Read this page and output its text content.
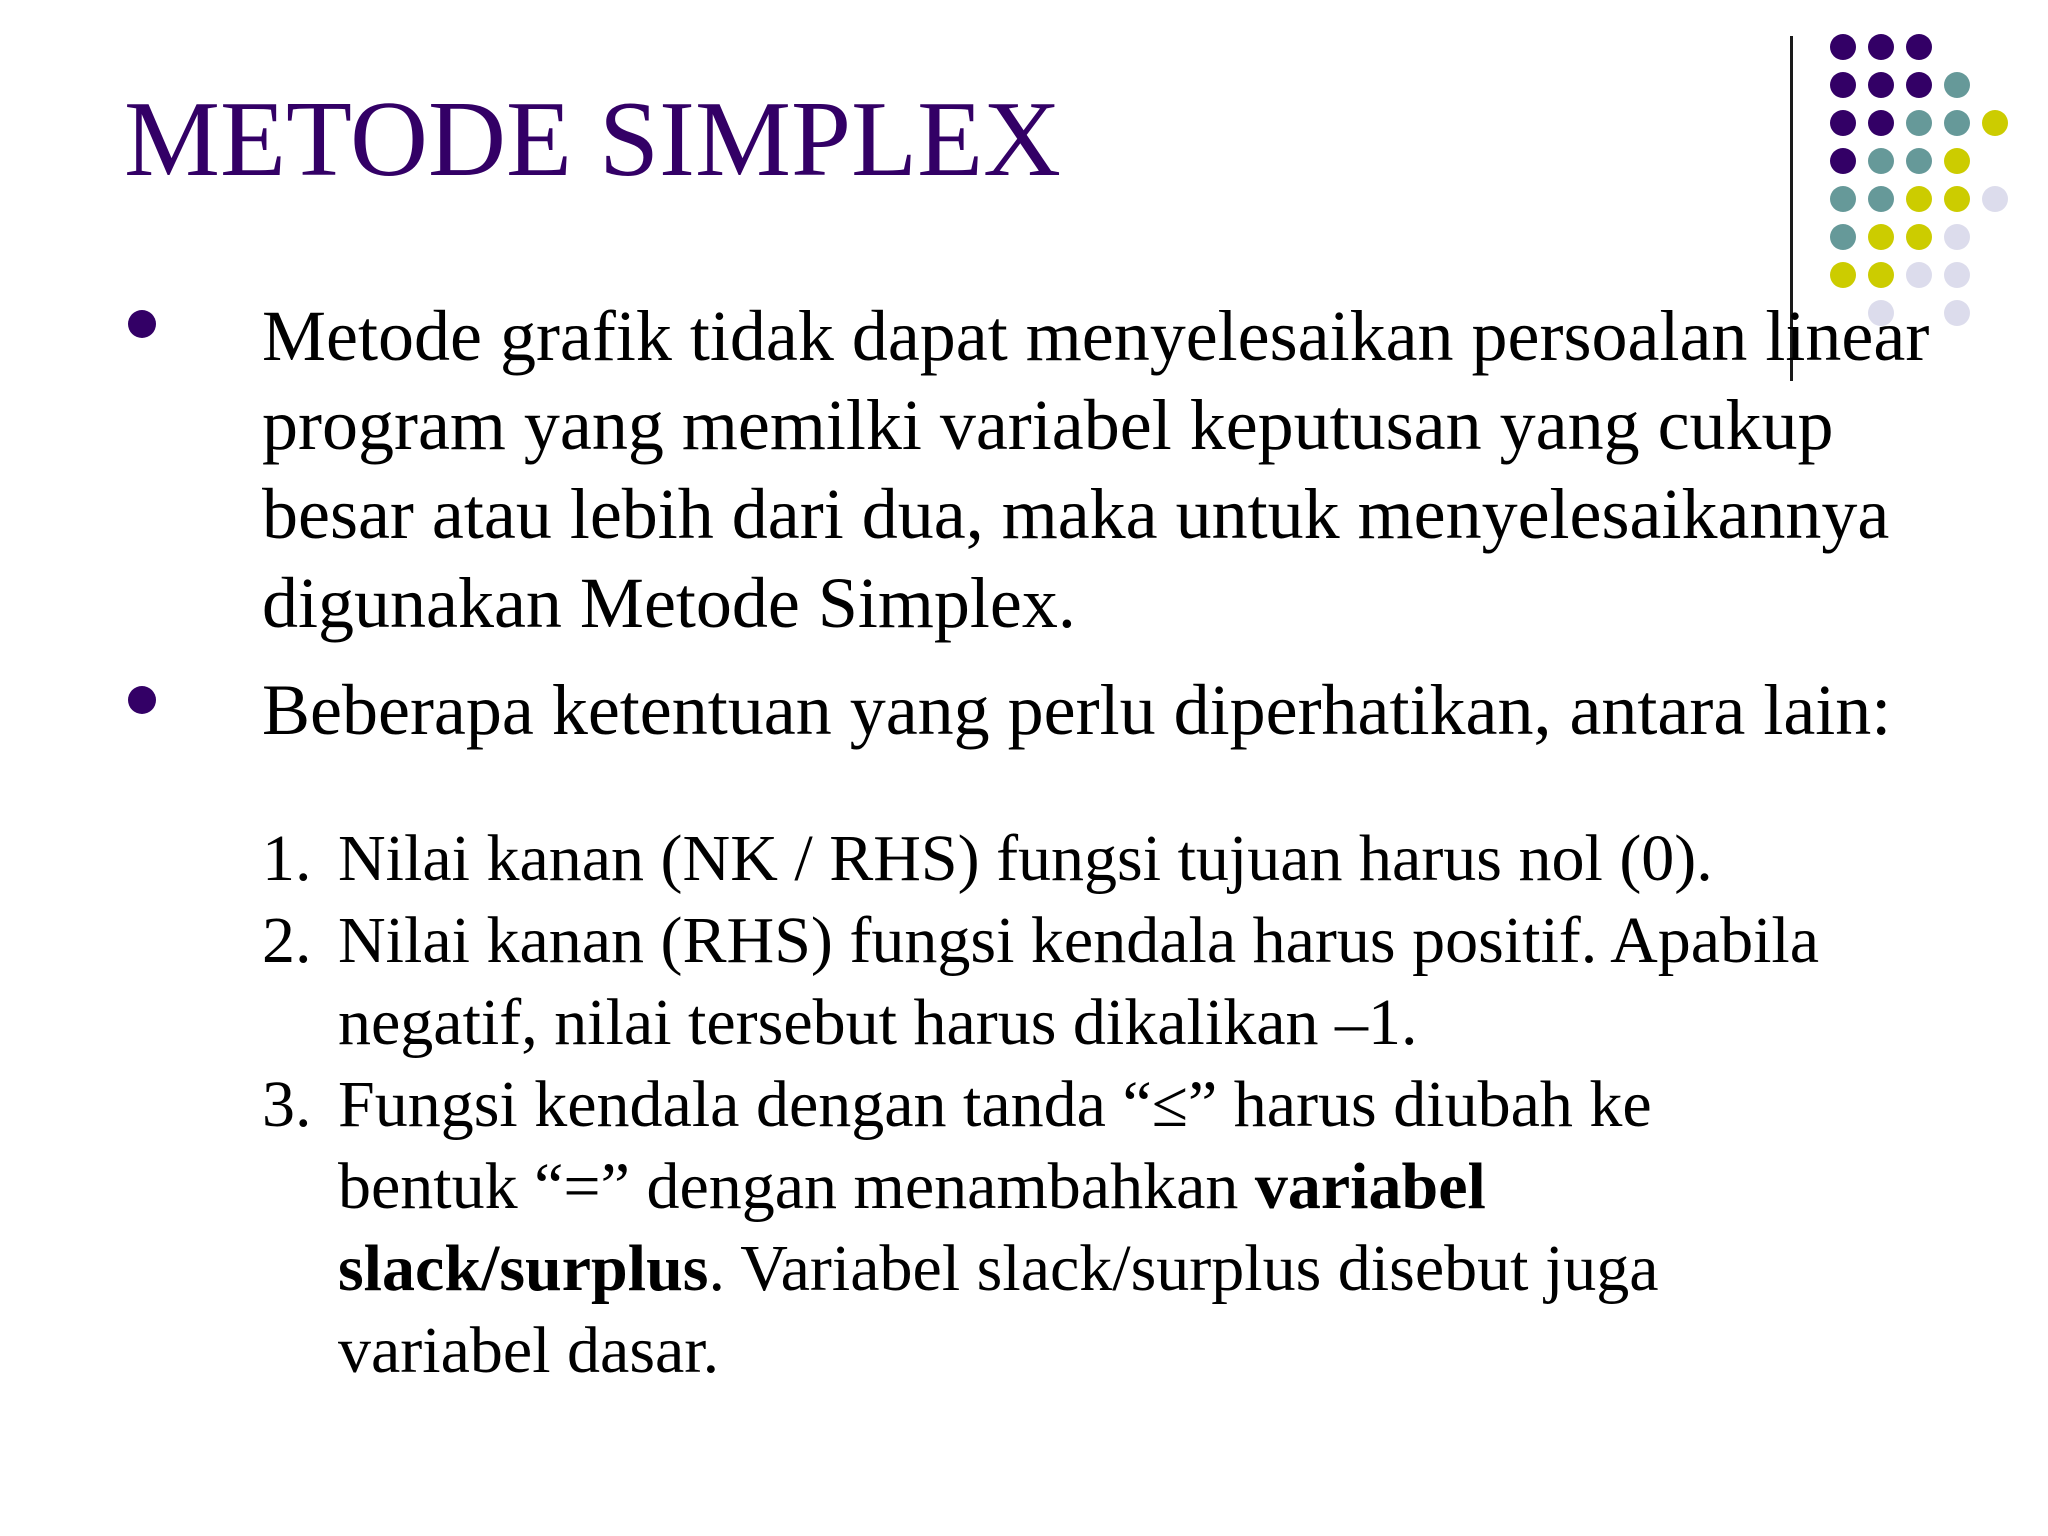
METODE SIMPLEX
Metode grafik tidak dapat menyelesaikan persoalan linear
program yang memilki variabel keputusan yang cukup
besar atau lebih dari dua, maka untuk menyelesaikannya
digunakan Metode Simplex.
Beberapa ketentuan yang perlu diperhatikan, antara lain:
1. Nilai kanan (NK / RHS) fungsi tujuan harus nol (0).
2. Nilai kanan (RHS) fungsi kendala harus positif. Apabila
negatif, nilai tersebut harus dikalikan –1.
3. Fungsi kendala dengan tanda “≤” harus diubah ke
bentuk “=” dengan menambahkan variabel
slack/surplus. Variabel slack/surplus disebut juga
variabel dasar.
